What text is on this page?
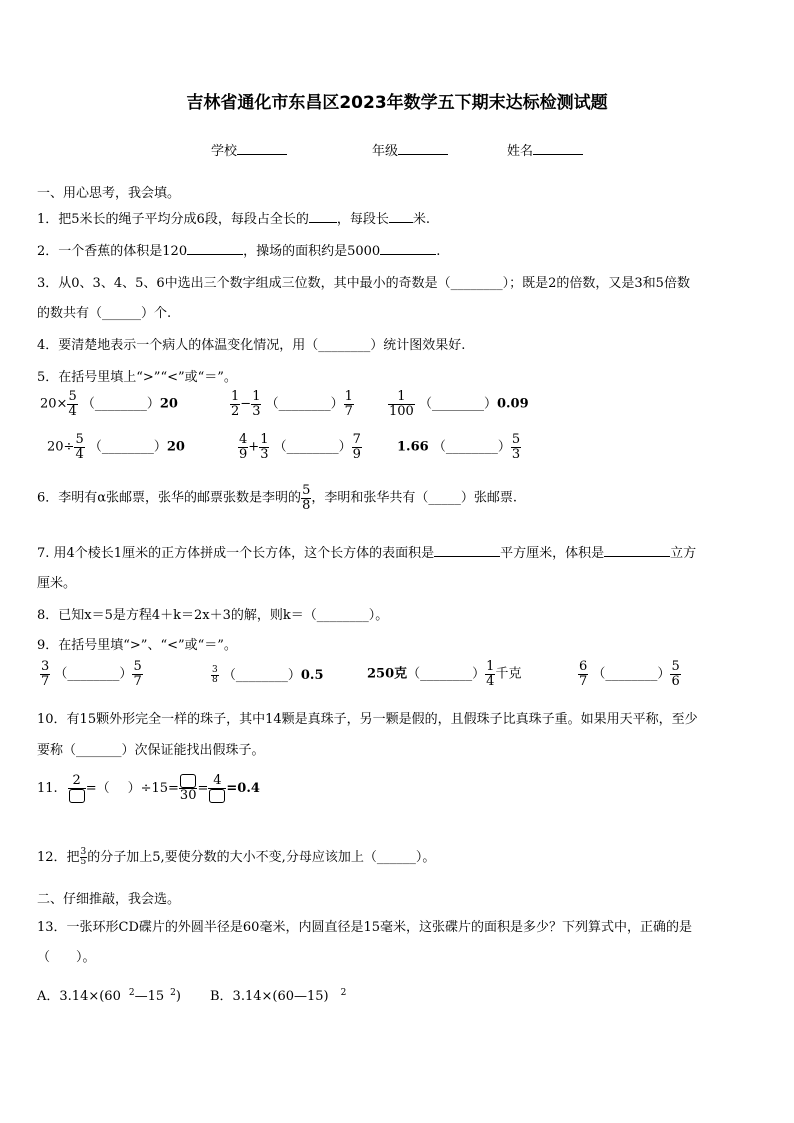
吉林省通化市东昌区2023年数学五下期末达标检测试题
学校	年级	姓名
一、用心思考，我会填。
1．把5米长的绳子平均分成6段，每段占全长的 ，每段长 米.
2．一个香蕉的体积是120	，操场的面积约是5000	.
3．从0、3、4、5、6中选出三个数字组成三位数，其中最小的奇数是（________）；既是2的倍数，又是3和5倍数
的数共有（______）个.
4．要清楚地表示一个病人的体温变化情况，用（________）统计图效果好.
5．在括号里填上“>”“<”或“＝”。
$20\times \frac{5}{4}$ （________）20	$\frac{1}{2} - \frac{1}{3}$ （________） $\frac{1}{7}$	$\frac{1}{100}$ （________）0.09
$20\div \frac{5}{4}$ （________）20	$\frac{4}{9} + \frac{1}{3}$ （________） $\frac{7}{9}$	1.66 （________） $\frac{5}{3}$
6．李明有α张邮票，张华的邮票张数是李明的 $\frac{5}{8}$ ，李明和张华共有（_____）张邮票.
7. 用4个棱长1厘米的正方体拼成一个长方体，这个长方体的表面积是	平方厘米，体积是	立方
厘米。
8．已知x＝5是方程4＋k＝2x＋3的解，则k＝（________）。
9．在括号里填“>”、“<”或“＝”。
$\frac{3}{7}$ （________） $\frac{5}{7}$	$\frac{3}{8}$ （________）0.5	250克（________） $\frac{1}{4}$ 千克	$\frac{6}{7}$ （________） $\frac{5}{6}$
10．有15颗外形完全一样的珠子，其中14颗是真珠子，另一颗是假的，且假珠子比真珠子重。如果用天平称，至少
要称（_______）次保证能找出假珠子。
11.
2
=（ ）÷15= 30 =
4
=0.4
12．把 $\frac{3}{5}$ 的分子加上5,要使分数的大小不变,分母应该加上（______）。
二、仔细推敲，我会选。
13．一张环形CD碟片的外圆半径是60毫米，内圆直径是15毫米，这张碟片的面积是多少？下列算式中，正确的是
（　　）。
A．3.14×(60 $^2$—15 $^2$) B．3.14×(60—15) $^2$
